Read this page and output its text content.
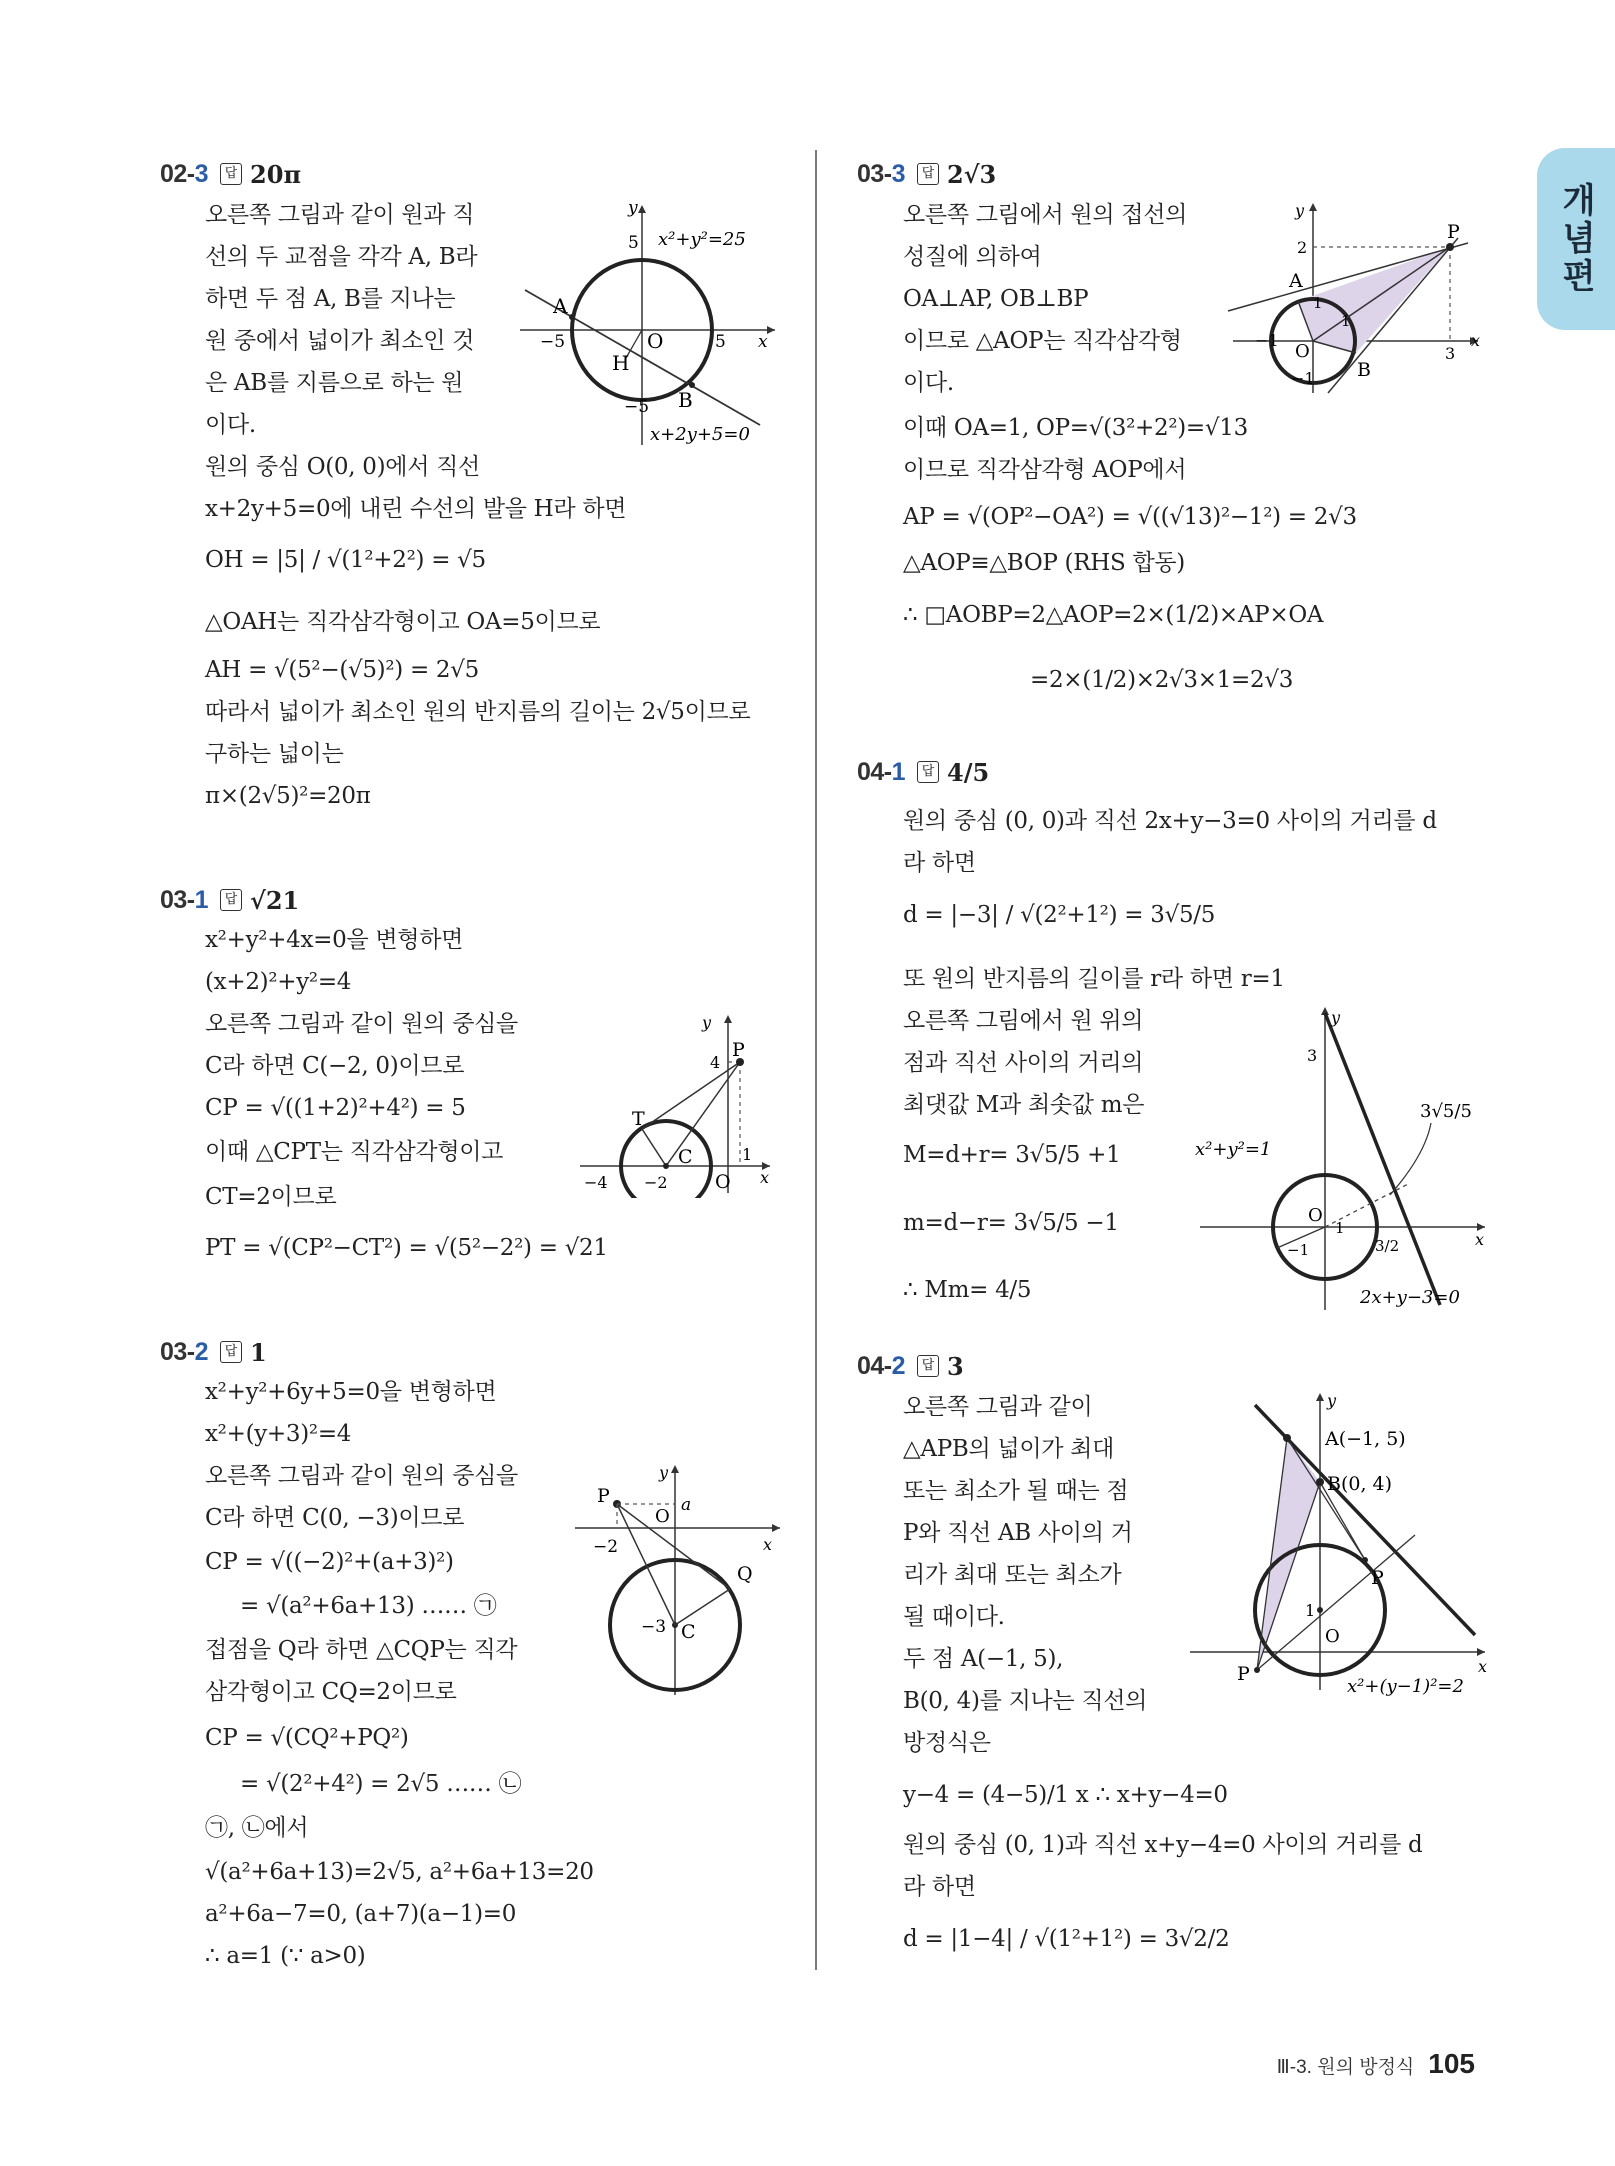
개념편
02-3	답 20π
오른쪽 그림과 같이 원과 직
선의 두 교점을 각각 A, B라
하면 두 점 A, B를 지나는
원 중에서 넓이가 최소인 것
은 AB를 지름으로 하는 원
이다.
원의 중심 O(0, 0)에서 직선
x+2y+5=0에 내린 수선의 발을 H라 하면
OH = |5| / √(1²+2²) = √5
△OAH는 직각삼각형이고 OA=5이므로
AH = √(5²−(√5)²) = 2√5
따라서 넓이가 최소인 원의 반지름의 길이는 2√5이므로
구하는 넓이는
π×(2√5)²=20π
A
B
H
O
y
x
5
−5
5
−5
x²+y²=25
x+2y+5=0
03-1	답 √21
x²+y²+4x=0을 변형하면
(x+2)²+y²=4
오른쪽 그림과 같이 원의 중심을
C라 하면 C(−2, 0)이므로
CP = √((1+2)²+4²) = 5
이때 △CPT는 직각삼각형이고
CT=2이므로
PT = √(CP²−CT²) = √(5²−2²) = √21
P
T
C
O
4
1
−4 −2
y
x
03-2	답 1
x²+y²+6y+5=0을 변형하면
x²+(y+3)²=4
오른쪽 그림과 같이 원의 중심을
C라 하면 C(0, −3)이므로
CP = √((−2)²+(a+3)²)
= √(a²+6a+13) …… ㉠
접점을 Q라 하면 △CQP는 직각
삼각형이고 CQ=2이므로
CP = √(CQ²+PQ²)
= √(2²+4²) = 2√5 …… ㉡
㉠, ㉡에서
√(a²+6a+13)=2√5, a²+6a+13=20
a²+6a−7=0, (a+7)(a−1)=0
∴ a=1 (∵ a>0)
P
Q
C
O
a
−2
−3
y
x
03-3	답 2√3
오른쪽 그림에서 원의 접선의
성질에 의하여
OA⊥AP, OB⊥BP
이므로 △AOP는 직각삼각형
이다.
이때 OA=1, OP=√(3²+2²)=√13
이므로 직각삼각형 AOP에서
AP = √(OP²−OA²) = √((√13)²−1²) = 2√3
△AOP≡△BOP (RHS 합동)
∴ □AOBP=2△AOP=2×(1/2)×AP×OA
=2×(1/2)×2√3×1=2√3
P
A
B
O
2
3
1
1
−1
−1
y
x
04-1	답 4/5
원의 중심 (0, 0)과 직선 2x+y−3=0 사이의 거리를 d
라 하면
d = |−3| / √(2²+1²) = 3√5/5
또 원의 반지름의 길이를 r라 하면 r=1
오른쪽 그림에서 원 위의
점과 직선 사이의 거리의
최댓값 M과 최솟값 m은
M=d+r= 3√5/5 +1
m=d−r= 3√5/5 −1
∴ Mm= 4/5
3√5/5
O
3
1
−1	3/2
x²+y²=1
2x+y−3=0
y
x
04-2	답 3
오른쪽 그림과 같이
△APB의 넓이가 최대
또는 최소가 될 때는 점
P와 직선 AB 사이의 거
리가 최대 또는 최소가
될 때이다.
두 점 A(−1, 5),
B(0, 4)를 지나는 직선의
방정식은
y−4 = (4−5)/1 x ∴ x+y−4=0
원의 중심 (0, 1)과 직선 x+y−4=0 사이의 거리를 d
라 하면
d = |1−4| / √(1²+1²) = 3√2/2
A(−1, 5)
B(0, 4)
P
P
O
1
x²+(y−1)²=2
y
x
Ⅲ-3. 원의 방정식 105
